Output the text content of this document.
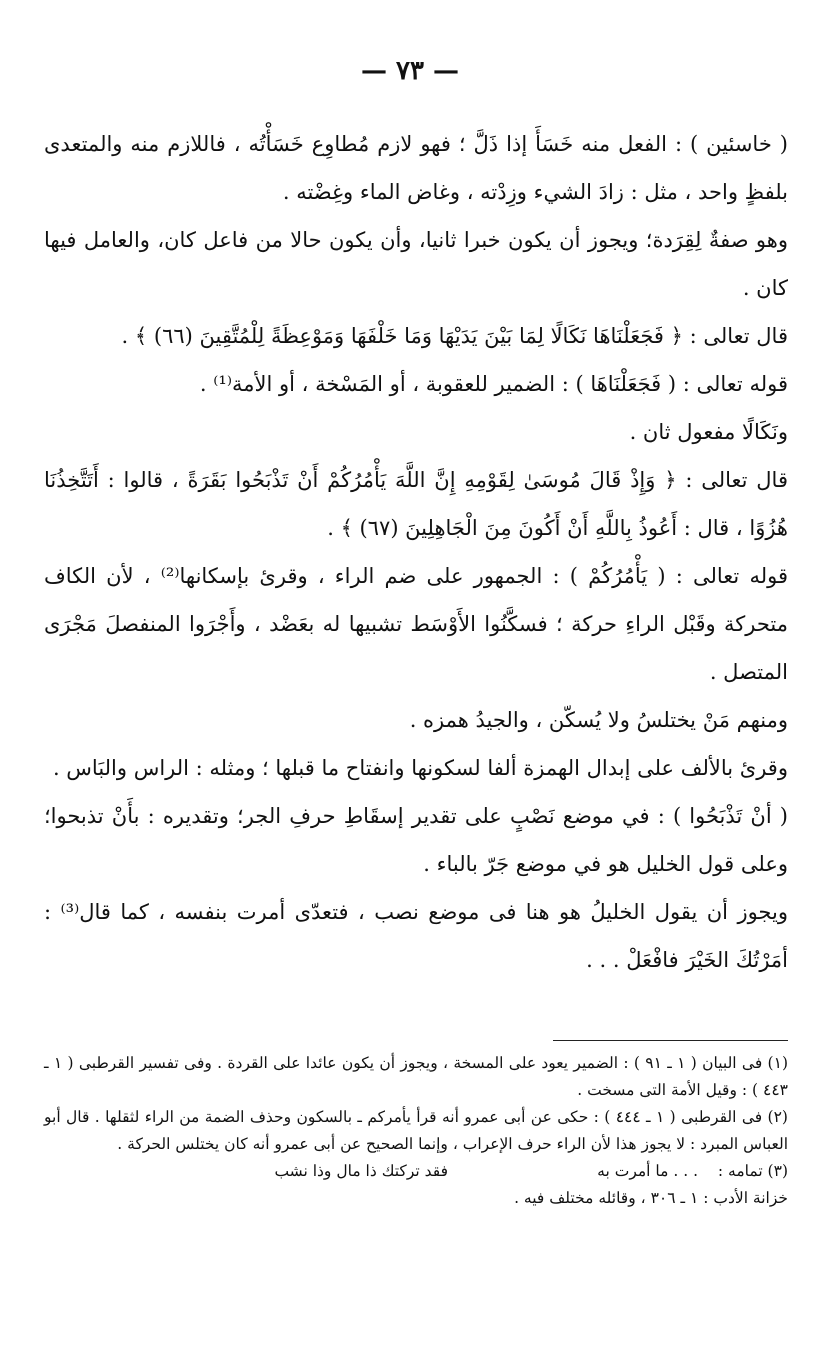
— ٧٣ —

( خاسئين ) : الفعل منه خَسَأَ إذا ذَلَّ ؛ فهو لازم مُطاوِع خَسَأْتُه ، فاللازم منه والمتعدى بلفظٍ واحد ، مثل : زادَ الشيء وزِدْته ، وغاض الماء وغِضْته .

وهو صفةٌ لِقِرَدة؛ ويجوز أن يكون خبرا ثانيا، وأن يكون حالا من فاعل كان، والعامل فيها كان .

قال تعالى : ﴿ فَجَعَلْنَاهَا نَكَالًا لِمَا بَيْنَ يَدَيْهَا وَمَا خَلْفَهَا وَمَوْعِظَةً لِلْمُتَّقِينَ (٦٦) ﴾ .

قوله تعالى : ( فَجَعَلْنَاهَا ) : الضمير للعقوبة ، أو المَسْخة ، أو الأمة⁽¹⁾ .

ونَكَالًا مفعول ثان .

قال تعالى : ﴿ وَإِذْ قَالَ مُوسَىٰ لِقَوْمِهِ إِنَّ اللَّهَ يَأْمُرُكُمْ أَنْ تَذْبَحُوا بَقَرَةً ، قالوا : أَتَتَّخِذُنَا هُزُوًا ، قال : أَعُوذُ بِاللَّهِ أَنْ أَكُونَ مِنَ الْجَاهِلِينَ (٦٧) ﴾ .

قوله تعالى : ( يَأْمُرُكُمْ ) : الجمهور على ضم الراء ، وقرئ بإسكانها⁽²⁾ ، لأن الكاف متحركة وقَبْل الراءِ حركة ؛ فسكَّنُوا الأَوْسَط تشبيها له بعَضْد ، وأَجْرَوا المنفصلَ مَجْرَى المتصل .

ومنهم مَنْ يختلسُ ولا يُسكّن ، والجيدُ همزه .

وقرئ بالألف على إبدال الهمزة ألفا لسكونها وانفتاح ما قبلها ؛ ومثله : الراس والبَاس .

( أنْ تَذْبَحُوا ) : في موضع نَصْبٍ على تقدير إسقَاطِ حرفِ الجر؛ وتقديره : بأَنْ تذبحوا؛ وعلى قول الخليل هو في موضع جَرّ بالباء .

ويجوز أن يقول الخليلُ هو هنا فى موضع نصب ، فتعدّى أمرت بنفسه ، كما قال⁽³⁾ : أمَرْتُكَ الخَيْرَ فافْعَلْ . . .

(١) فى البيان ( ١ ـ ٩١ ) : الضمير يعود على المسخة ، ويجوز أن يكون عائدا على القردة . وفى تفسير القرطبى ( ١ ـ ٤٤٣ ) : وقيل الأمة التى مسخت .

(٢) فى القرطبى ( ١ ـ ٤٤٤ ) : حكى عن أبى عمرو أنه قرأ يأمركم ـ بالسكون وحذف الضمة من الراء لثقلها . قال أبو العباس المبرد : لا يجوز هذا لأن الراء حرف الإعراب ، وإنما الصحيح عن أبى عمرو أنه كان يختلس الحركة .

(٣) تمامه :
. . . ما أمرت به
فقد تركتك ذا مال وذا نشب

خزانة الأدب : ١ ـ ٣٠٦ ، وقائله مختلف فيه .
